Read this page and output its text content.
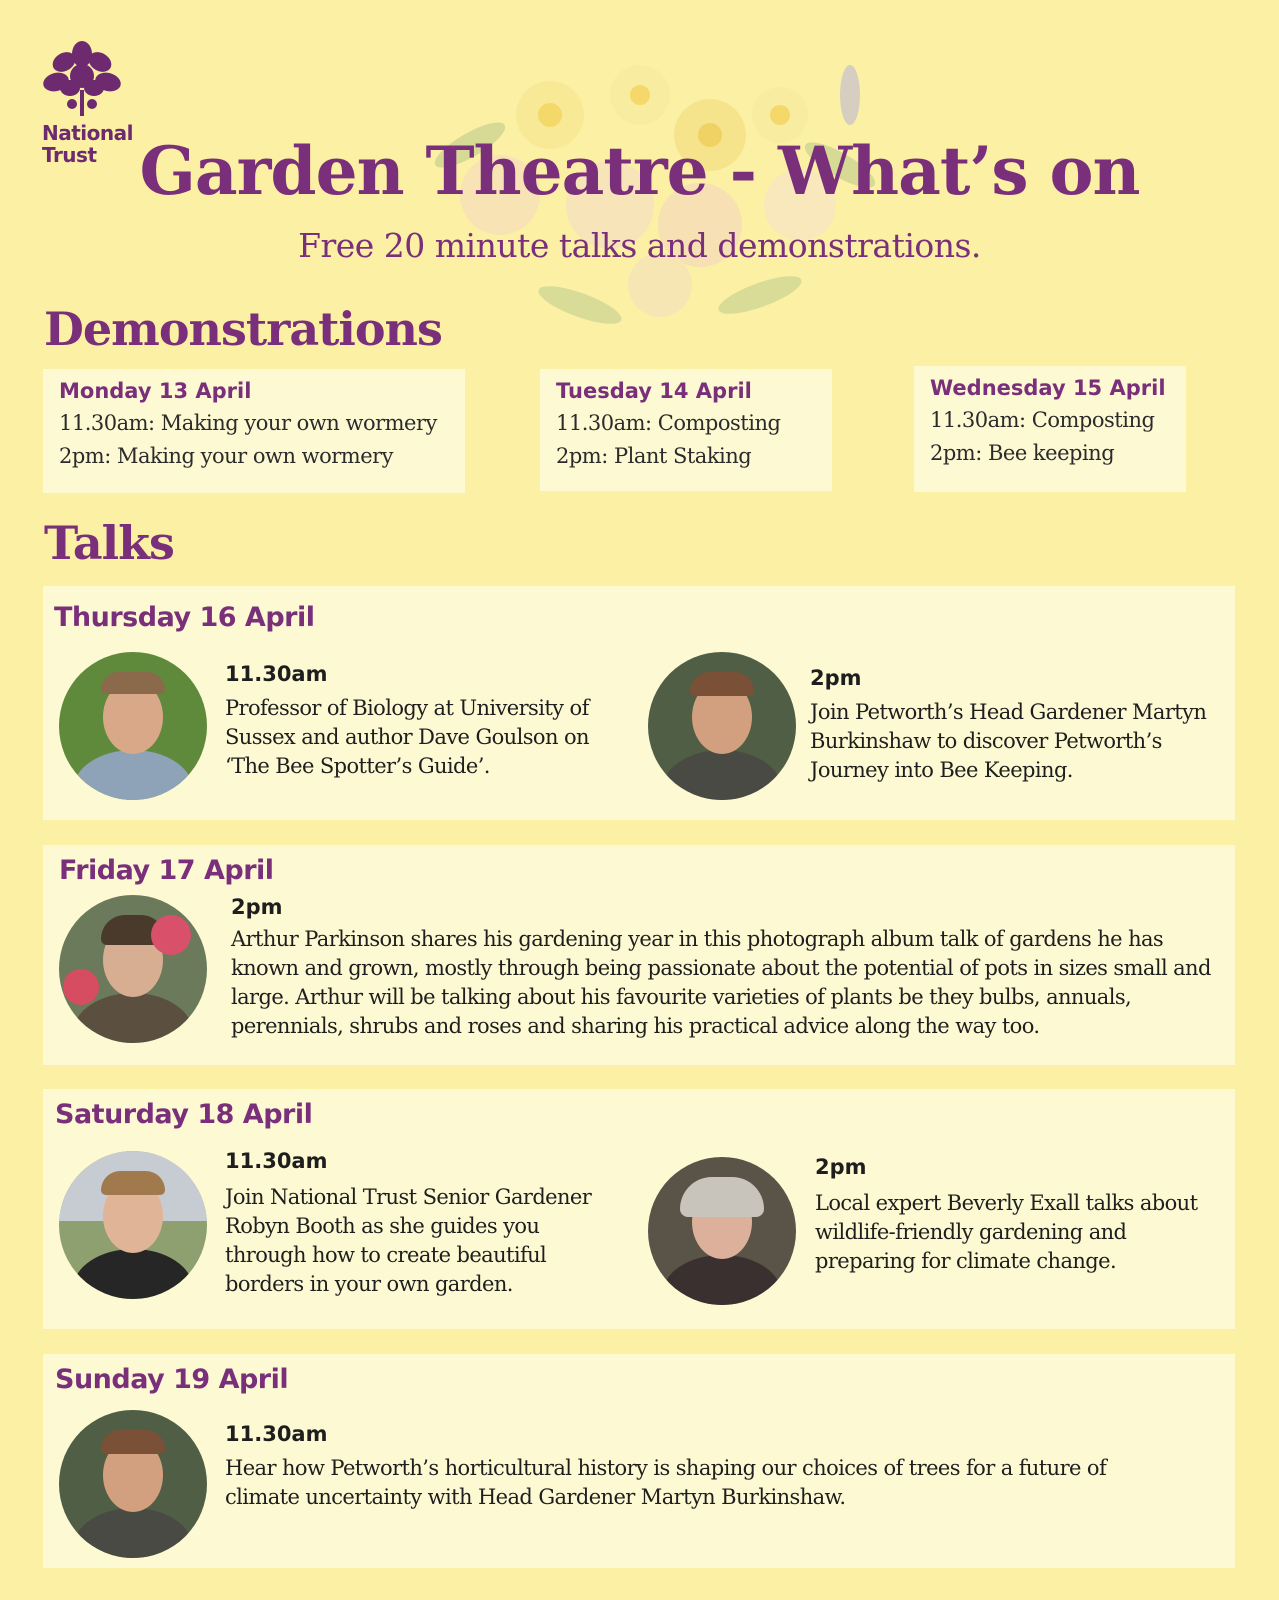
National
Trust Garden Theatre - What’s on
Free 20 minute talks and demonstrations.
Demonstrations
Monday 13 April
11.30am: Making your own wormery
2pm: Making your own wormery
Tuesday 14 April
11.30am: Composting
2pm: Plant Staking
Wednesday 15 April
11.30am: Composting
2pm: Bee keeping
Talks
Thursday 16 April
11.30am
Professor of Biology at University of Sussex and author Dave Goulson on ‘The Bee Spotter’s Guide’.
2pm
Join Petworth’s Head Gardener Martyn Burkinshaw to discover Petworth’s Journey into Bee Keeping.
Friday 17 April
2pm
Arthur Parkinson shares his gardening year in this photograph album talk of gardens he has known and grown, mostly through being passionate about the potential of pots in sizes small and large. Arthur will be talking about his favourite varieties of plants be they bulbs, annuals, perennials, shrubs and roses and sharing his practical advice along the way too.
Saturday 18 April
11.30am
Join National Trust Senior Gardener Robyn Booth as she guides you through how to create beautiful borders in your own garden.
2pm
Local expert Beverly Exall talks about wildlife-friendly gardening and preparing for climate change.
Sunday 19 April
11.30am
Hear how Petworth’s horticultural history is shaping our choices of trees for a future of climate uncertainty with Head Gardener Martyn Burkinshaw.
